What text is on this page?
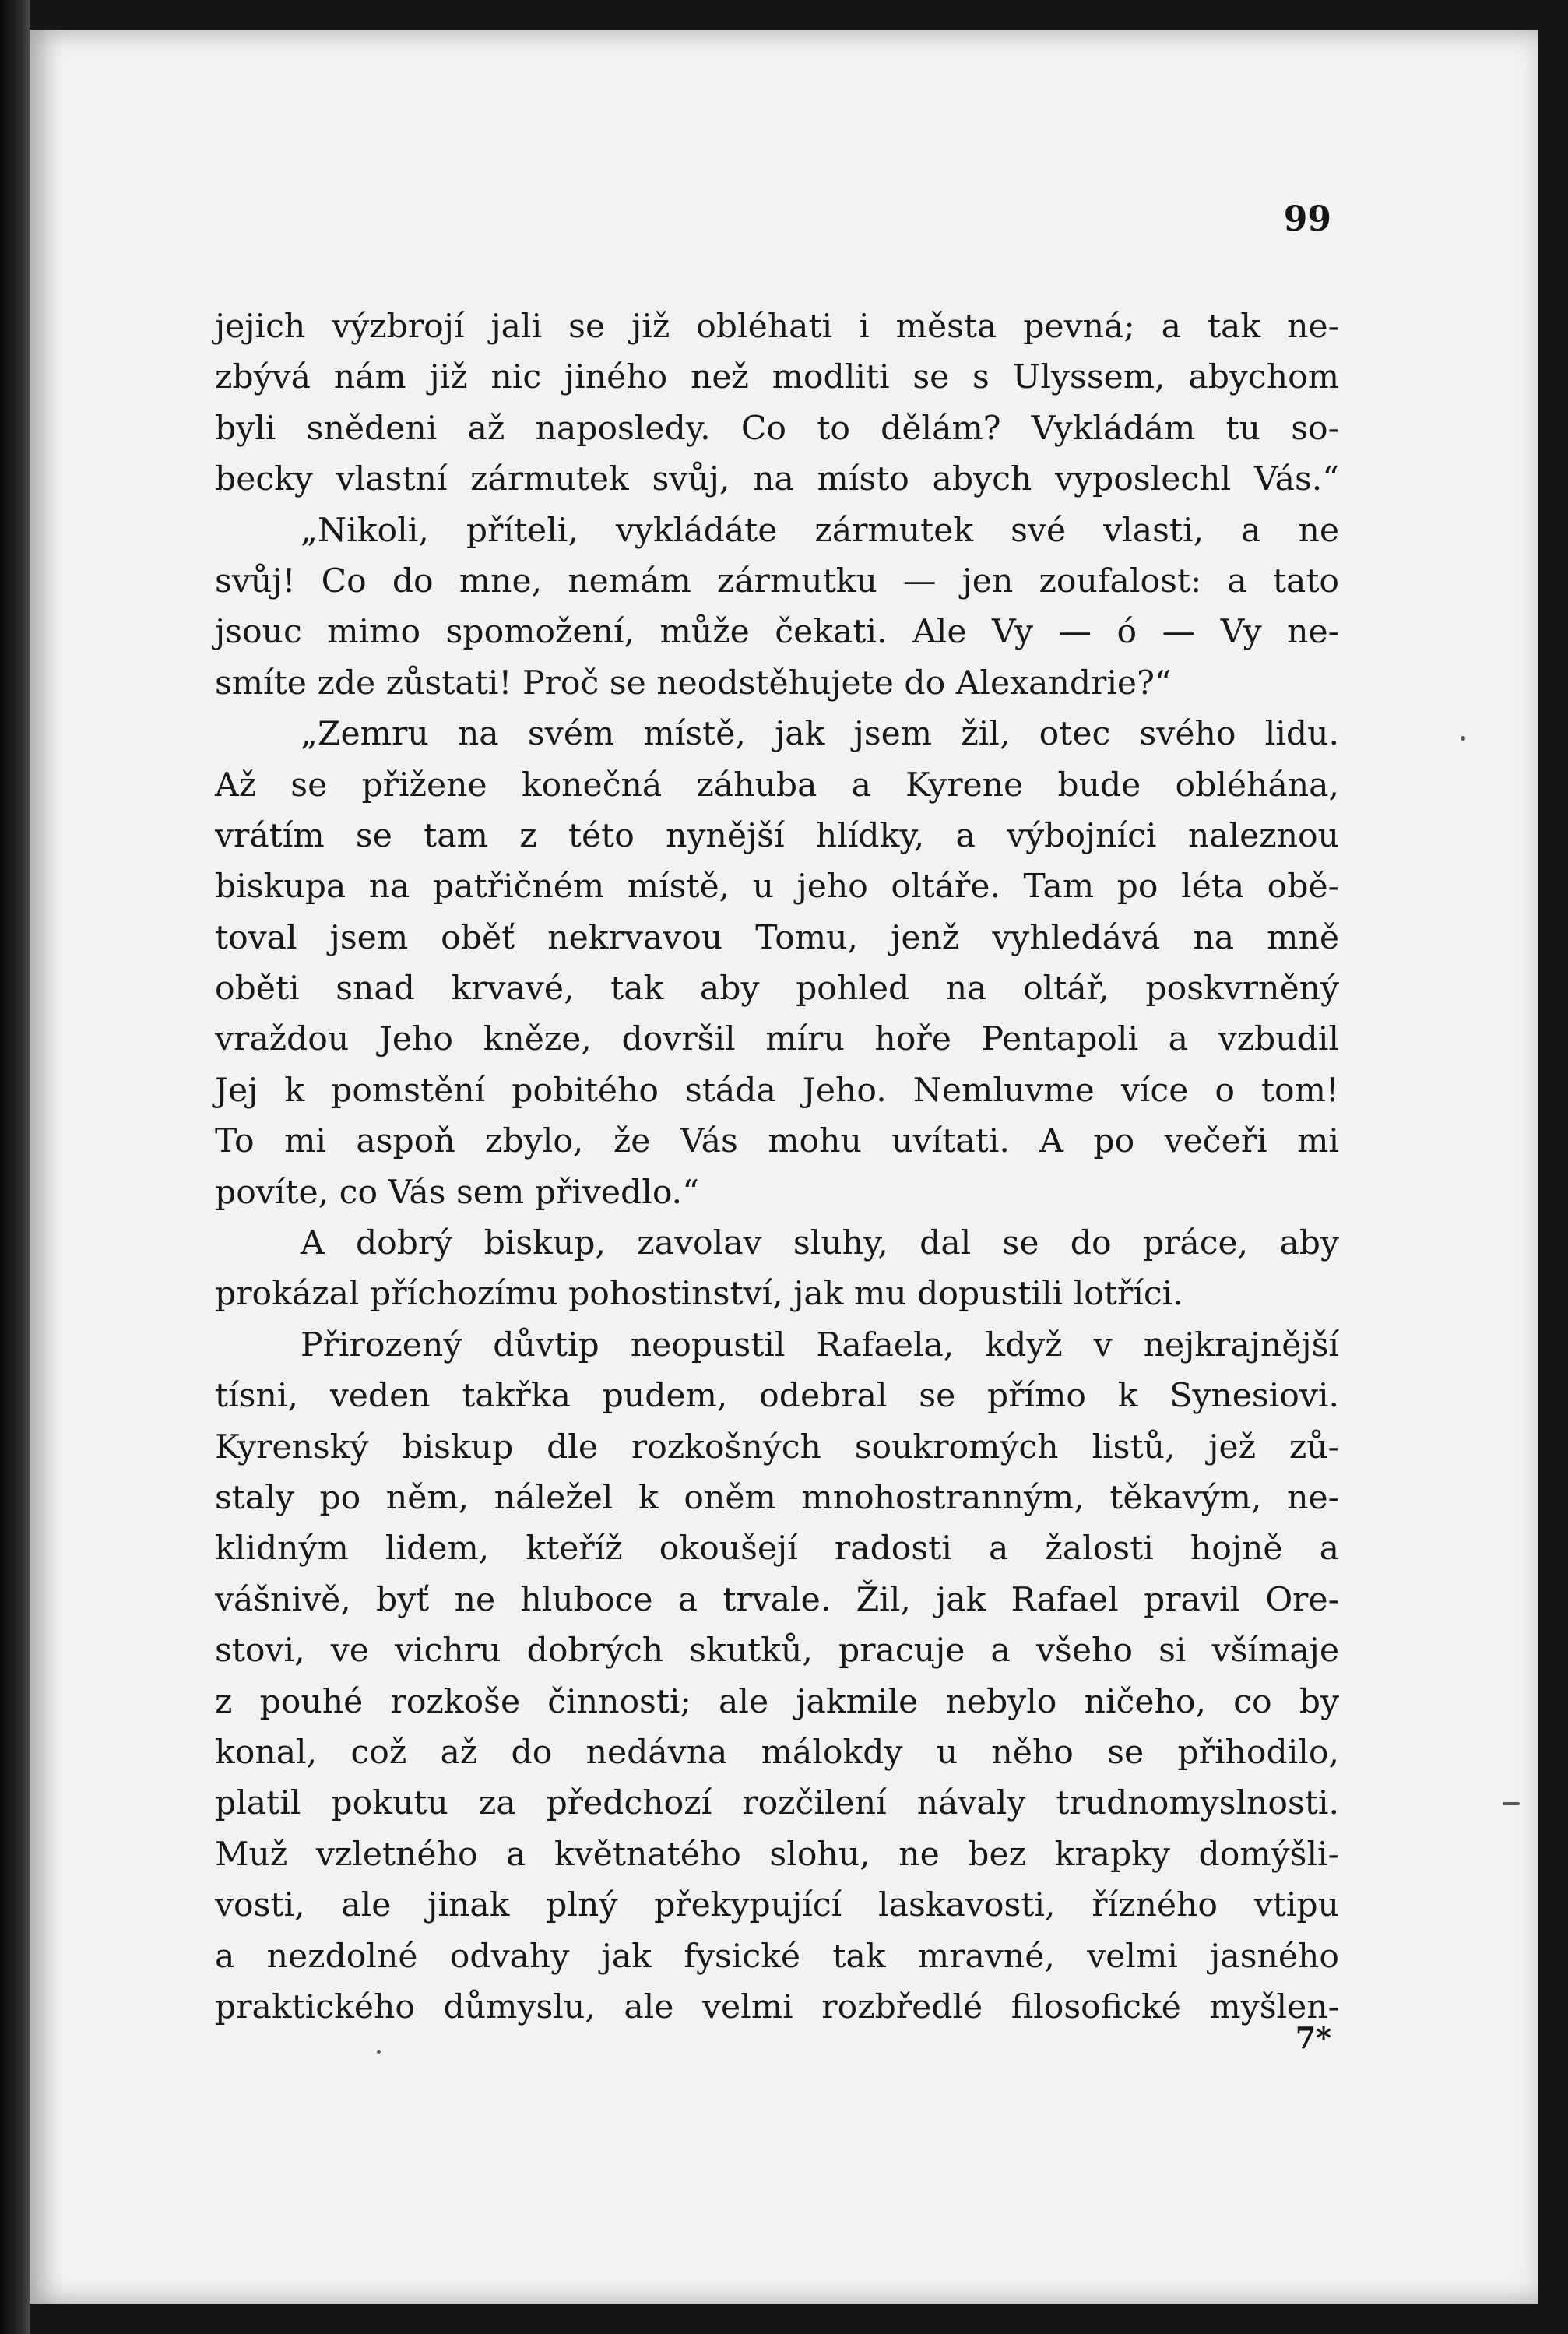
99

jejich výzbrojí jali se již obléhati i města pevná; a tak ne-
zbývá nám již nic jiného než modliti se s Ulyssem, abychom
byli snědeni až naposledy. Co to dělám? Vykládám tu so-
becky vlastní zármutek svůj, na místo abych vyposlechl Vás.“
„Nikoli, příteli, vykládáte zármutek své vlasti, a ne
svůj! Co do mne, nemám zármutku — jen zoufalost: a tato
jsouc mimo spomožení, může čekati. Ale Vy — ó — Vy ne-
smíte zde zůstati! Proč se neodstěhujete do Alexandrie?“
„Zemru na svém místě, jak jsem žil, otec svého lidu.
Až se přižene konečná záhuba a Kyrene bude obléhána,
vrátím se tam z této nynější hlídky, a výbojníci naleznou
biskupa na patřičném místě, u jeho oltáře. Tam po léta obě-
toval jsem oběť nekrvavou Tomu, jenž vyhledává na mně
oběti snad krvavé, tak aby pohled na oltář, poskvrněný
vraždou Jeho kněze, dovršil míru hoře Pentapoli a vzbudil
Jej k pomstění pobitého stáda Jeho. Nemluvme více o tom!
To mi aspoň zbylo, že Vás mohu uvítati. A po večeři mi
povíte, co Vás sem přivedlo.“
A dobrý biskup, zavolav sluhy, dal se do práce, aby
prokázal příchozímu pohostinství, jak mu dopustili lotříci.
Přirozený důvtip neopustil Rafaela, když v nejkrajnější
tísni, veden takřka pudem, odebral se přímo k Synesiovi.
Kyrenský biskup dle rozkošných soukromých listů, jež zů-
staly po něm, náležel k oněm mnohostranným, těkavým, ne-
klidným lidem, kteříž okoušejí radosti a žalosti hojně a
vášnivě, byť ne hluboce a trvale. Žil, jak Rafael pravil Ore-
stovi, ve vichru dobrých skutků, pracuje a všeho si všímaje
z pouhé rozkoše činnosti; ale jakmile nebylo ničeho, co by
konal, což až do nedávna málokdy u něho se přihodilo,
platil pokutu za předchozí rozčilení návaly trudnomyslnosti.
Muž vzletného a květnatého slohu, ne bez krapky domýšli-
vosti, ale jinak plný překypující laskavosti, řízného vtipu
a nezdolné odvahy jak fysické tak mravné, velmi jasného
praktického důmyslu, ale velmi rozbředlé filosofické myšlen-

7*
